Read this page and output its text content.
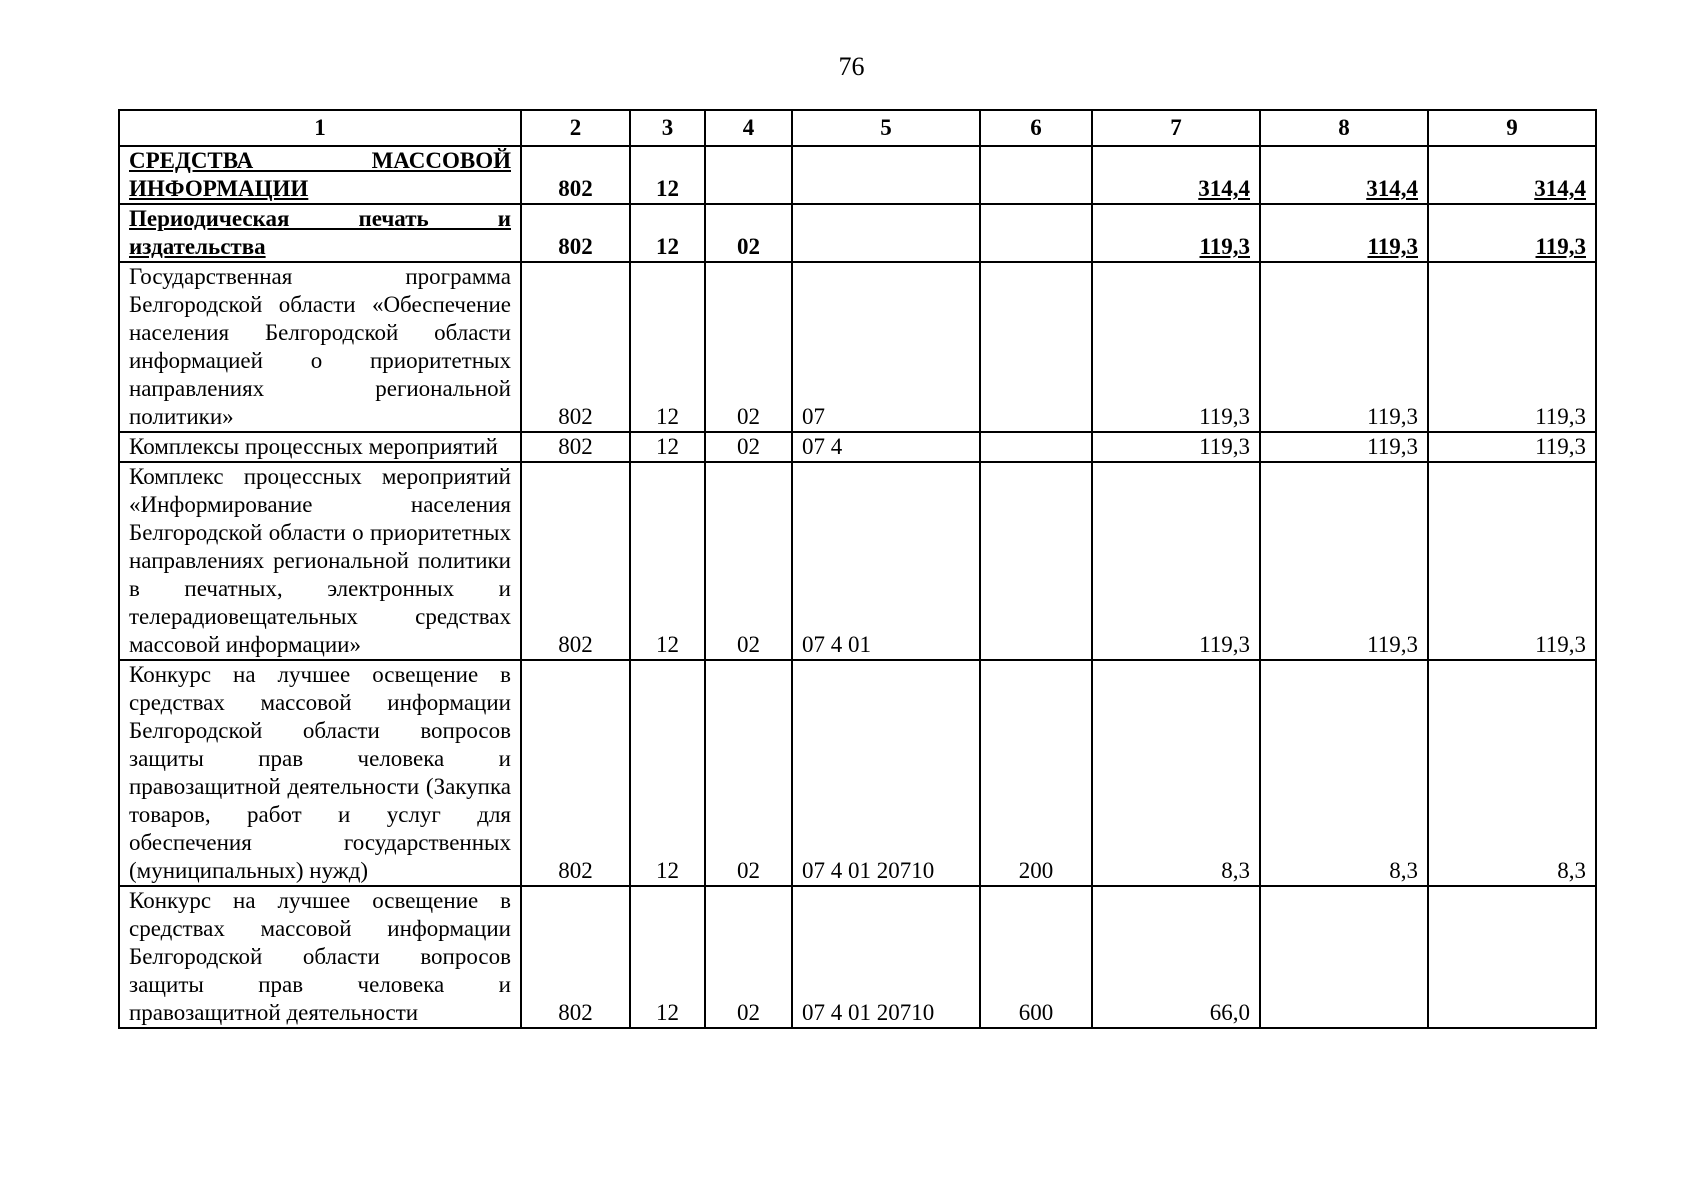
76
1	2	3	4	5	6	7	8	9
СРЕДСТВА МАССОВОЙ ИНФОРМАЦИИ	802	12				314,4	314,4	314,4
Периодическая печать и издательства	802	12	02			119,3	119,3	119,3
Государственная программа Белгородской области «Обеспечение населения Белгородской области информацией о приоритетных направлениях региональной политики»	802	12	02	07		119,3	119,3	119,3
Комплексы процессных мероприятий	802	12	02	07 4		119,3	119,3	119,3
Комплекс процессных мероприятий «Информирование населения Белгородской области о приоритетных направлениях региональной политики в печатных, электронных и телерадиовещательных средствах массовой информации»	802	12	02	07 4 01		119,3	119,3	119,3
Конкурс на лучшее освещение в средствах массовой информации Белгородской области вопросов защиты прав человека и правозащитной деятельности (Закупка товаров, работ и услуг для обеспечения государственных (муниципальных) нужд)	802	12	02	07 4 01 20710	200	8,3	8,3	8,3
Конкурс на лучшее освещение в средствах массовой информации Белгородской области вопросов защиты прав человека и правозащитной деятельности	802	12	02	07 4 01 20710	600	66,0		
